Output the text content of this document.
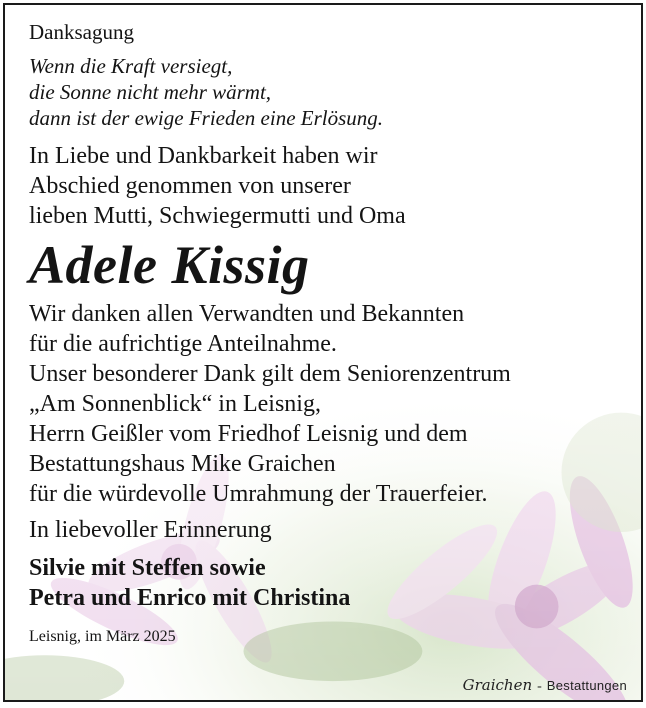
Danksagung
Wenn die Kraft versiegt,
die Sonne nicht mehr wärmt,
dann ist der ewige Frieden eine Erlösung.
In Liebe und Dankbarkeit haben wir
Abschied genommen von unserer
lieben Mutti, Schwiegermutti und Oma
Adele Kissig
Wir danken allen Verwandten und Bekannten
für die aufrichtige Anteilnahme.
Unser besonderer Dank gilt dem Seniorenzentrum
„Am Sonnenblick“ in Leisnig,
Herrn Geißler vom Friedhof Leisnig und dem
Bestattungshaus Mike Graichen
für die würdevolle Umrahmung der Trauerfeier.
In liebevoller Erinnerung
Silvie mit Steffen sowie
Petra und Enrico mit Christina
Leisnig, im März 2025
Graichen - Bestattungen
